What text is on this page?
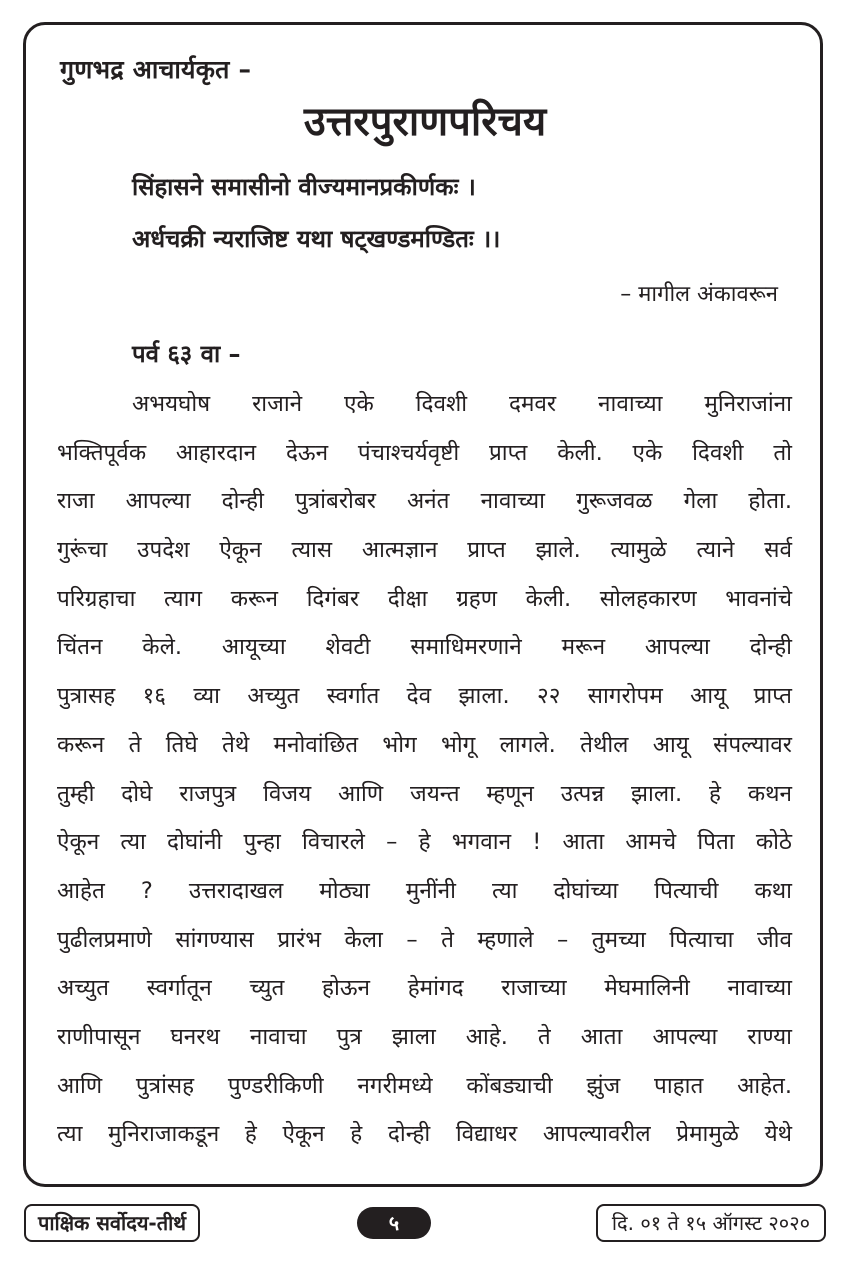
गुणभद्र आचार्यकृत –
उत्तरपुराणपरिचय
सिंहासने समासीनो वीज्यमानप्रकीर्णकः ।
अर्धचक्री न्यराजिष्ट यथा षट्खण्डमण्डितः ।।
– मागील अंकावरून
पर्व ६३ वा –
अभयघोष राजाने एके दिवशी दमवर नावाच्या मुनिराजांना
भक्तिपूर्वक आहारदान देऊन पंचाश्चर्यवृष्टी प्राप्त केली. एके दिवशी तो
राजा आपल्या दोन्ही पुत्रांबरोबर अनंत नावाच्या गुरूजवळ गेला होता.
गुरूंचा उपदेश ऐकून त्यास आत्मज्ञान प्राप्त झाले. त्यामुळे त्याने सर्व
परिग्रहाचा त्याग करून दिगंबर दीक्षा ग्रहण केली. सोलहकारण भावनांचे
चिंतन केले. आयूच्या शेवटी समाधिमरणाने मरून आपल्या दोन्ही
पुत्रासह १६ व्या अच्युत स्वर्गात देव झाला. २२ सागरोपम आयू प्राप्त
करून ते तिघे तेथे मनोवांछित भोग भोगू लागले. तेथील आयू संपल्यावर
तुम्ही दोघे राजपुत्र विजय आणि जयन्त म्हणून उत्पन्न झाला. हे कथन
ऐकून त्या दोघांनी पुन्हा विचारले – हे भगवान ! आता आमचे पिता कोठे
आहेत ? उत्तरादाखल मोठ्या मुनींनी त्या दोघांच्या पित्याची कथा
पुढीलप्रमाणे सांगण्यास प्रारंभ केला – ते म्हणाले – तुमच्या पित्याचा जीव
अच्युत स्वर्गातून च्युत होऊन हेमांगद राजाच्या मेघमालिनी नावाच्या
राणीपासून घनरथ नावाचा पुत्र झाला आहे. ते आता आपल्या राण्या
आणि पुत्रांसह पुण्डरीकिणी नगरीमध्ये कोंबड्याची झुंज पाहात आहेत.
त्या मुनिराजाकडून हे ऐकून हे दोन्ही विद्याधर आपल्यावरील प्रेमामुळे येथे
पाक्षिक सर्वोदय-तीर्थ	५	दि. ०१ ते १५ ऑगस्ट २०२०
